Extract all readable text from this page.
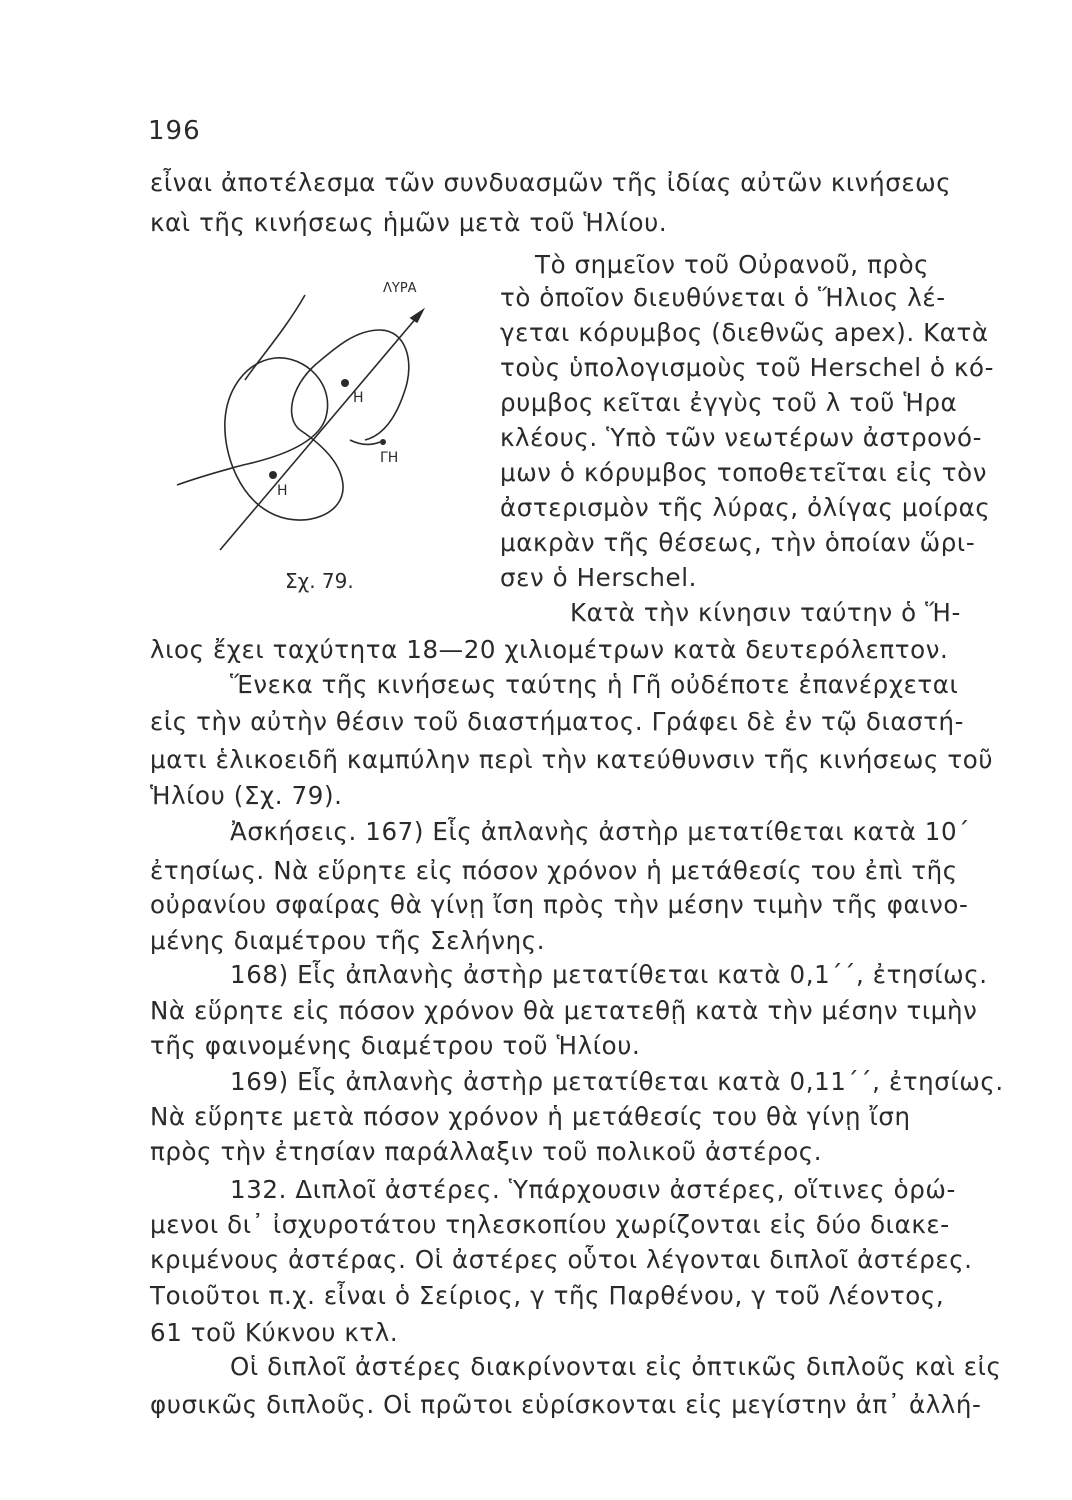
196
ΛΥΡΑ
Η
Η
ΓΗ
Σχ. 79.
εἶναι ἀποτέλεσμα τῶν συνδυασμῶν τῆς ἰδίας αὐτῶν κινήσεως
καὶ τῆς κινήσεως ἡμῶν μετὰ τοῦ Ἡλίου.
Τὸ σημεῖον τοῦ Οὐρανοῦ, πρὸς
τὸ ὁποῖον διευθύνεται ὁ Ἥλιος λέ-
γεται κόρυμβος (διεθνῶς apex). Κατὰ
τοὺς ὑπολογισμοὺς τοῦ Herschel ὁ κό-
ρυμβος κεῖται ἐγγὺς τοῦ λ τοῦ Ἡρα
κλέους. Ὑπὸ τῶν νεωτέρων ἀστρονό-
μων ὁ κόρυμβος τοποθετεῖται εἰς τὸν
ἀστερισμὸν τῆς λύρας, ὀλίγας μοίρας
μακρὰν τῆς θέσεως, τὴν ὁποίαν ὥρι-
σεν ὁ Herschel.
Κατὰ τὴν κίνησιν ταύτην ὁ Ἥ-
λιος ἔχει ταχύτητα 18—20 χιλιομέτρων κατὰ δευτερόλεπτον.
Ἕνεκα τῆς κινήσεως ταύτης ἡ Γῆ οὐδέποτε ἐπανέρχεται
εἰς τὴν αὐτὴν θέσιν τοῦ διαστήματος. Γράφει δὲ ἐν τῷ διαστή-
ματι ἑλικοειδῆ καμπύλην περὶ τὴν κατεύθυνσιν τῆς κινήσεως τοῦ
Ἡλίου (Σχ. 79).
Ἀσκήσεις. 167) Εἷς ἀπλανὴς ἀστὴρ μετατίθεται κατὰ 10´
ἐτησίως. Νὰ εὕρητε εἰς πόσον χρόνον ἡ μετάθεσίς του ἐπὶ τῆς
οὐρανίου σφαίρας θὰ γίνῃ ἴση πρὸς τὴν μέσην τιμὴν τῆς φαινο-
μένης διαμέτρου τῆς Σελήνης.
168) Εἷς ἀπλανὴς ἀστὴρ μετατίθεται κατὰ 0,1´´, ἐτησίως.
Νὰ εὕρητε εἰς πόσον χρόνον θὰ μετατεθῇ κατὰ τὴν μέσην τιμὴν
τῆς φαινομένης διαμέτρου τοῦ Ἡλίου.
169) Εἷς ἀπλανὴς ἀστὴρ μετατίθεται κατὰ 0,11´´, ἐτησίως.
Νὰ εὕρητε μετὰ πόσον χρόνον ἡ μετάθεσίς του θὰ γίνῃ ἴση
πρὸς τὴν ἐτησίαν παράλλαξιν τοῦ πολικοῦ ἀστέρος.
132. Διπλοῖ ἀστέρες. Ὑπάρχουσιν ἀστέρες, οἵτινες ὁρώ-
μενοι δι᾽ ἰσχυροτάτου τηλεσκοπίου χωρίζονται εἰς δύο διακε-
κριμένους ἀστέρας. Οἱ ἀστέρες οὗτοι λέγονται διπλοῖ ἀστέρες.
Τοιοῦτοι π.χ. εἶναι ὁ Σείριος, γ τῆς Παρθένου, γ τοῦ Λέοντος,
61 τοῦ Κύκνου κτλ.
Οἱ διπλοῖ ἀστέρες διακρίνονται εἰς ὀπτικῶς διπλοῦς καὶ εἰς
φυσικῶς διπλοῦς. Οἱ πρῶτοι εὑρίσκονται εἰς μεγίστην ἀπ᾽ ἀλλή-
